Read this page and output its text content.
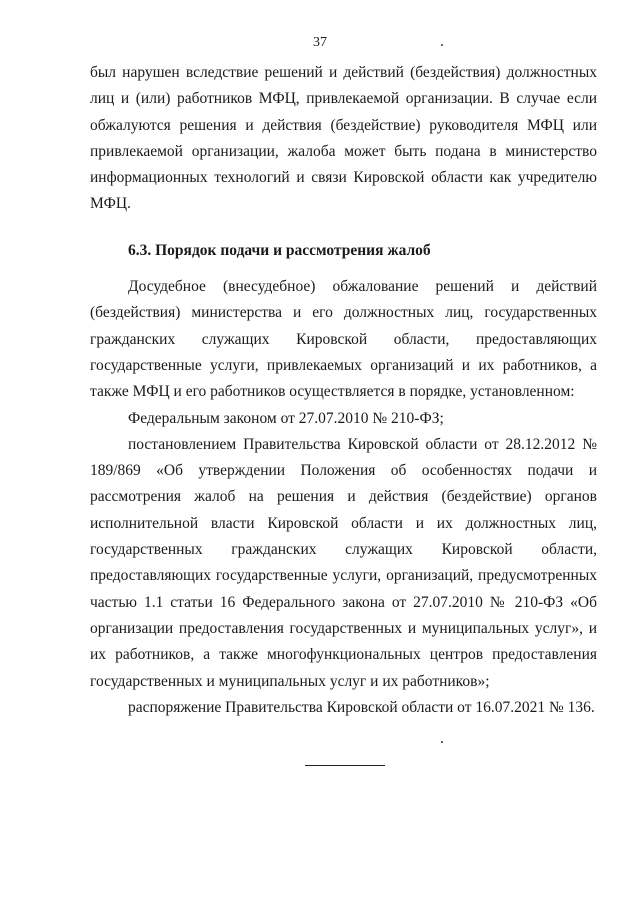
37

был нарушен вследствие решений и действий (бездействия) должностных лиц и (или) работников МФЦ, привлекаемой организации. В случае если обжалуются решения и действия (бездействие) руководителя МФЦ или привлекаемой организации, жалоба может быть подана в министерство информационных технологий и связи Кировской области как учредителю МФЦ.

6.3. Порядок подачи и рассмотрения жалоб

Досудебное (внесудебное) обжалование решений и действий (бездействия) министерства и его должностных лиц, государственных гражданских служащих Кировской области, предоставляющих государственные услуги, привлекаемых организаций и их работников, а также МФЦ и его работников осуществляется в порядке, установленном:

Федеральным законом от 27.07.2010 № 210-ФЗ;

постановлением Правительства Кировской области от 28.12.2012 № 189/869 «Об утверждении Положения об особенностях подачи и рассмотрения жалоб на решения и действия (бездействие) органов исполнительной власти Кировской области и их должностных лиц, государственных гражданских служащих Кировской области, предоставляющих государственные услуги, организаций, предусмотренных частью 1.1 статьи 16 Федерального закона от 27.07.2010 № 210-ФЗ «Об организации предоставления государственных и муниципальных услуг», и их работников, а также многофункциональных центров предоставления государственных и муниципальных услуг и их работников»;

распоряжение Правительства Кировской области от 16.07.2021 № 136.
